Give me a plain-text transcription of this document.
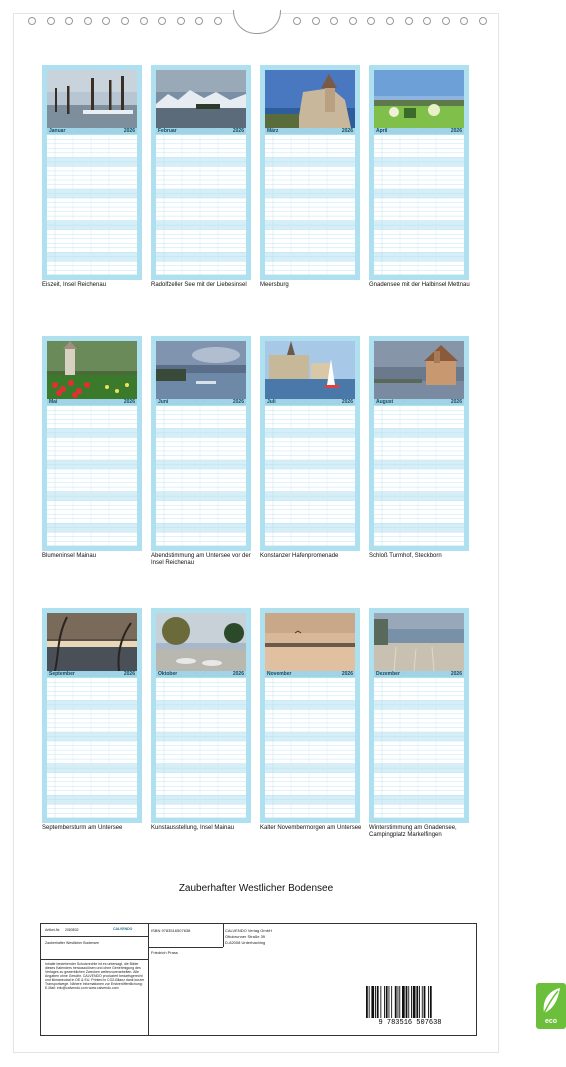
Januar	2026
Eiszeit, Insel Reichenau
Februar	2026
Radolfzeller See mit der Liebesinsel
März	2026
Meersburg
April	2026
Gnadensee mit der Halbinsel Mettnau
Mai	2026
Blumeninsel Mainau
Juni	2026
Abendstimmung am Untersee vor der Insel Reichenau
Juli	2026
Konstanzer Hafenpromenade
August	2026
Schloß Turmhof, Steckborn
September	2026
Septembersturm am Untersee
Oktober	2026
Kunstausstellung, Insel Mainau
November	2026
Kalter Novembermorgen am Untersee
Dezember	2026
Winterstimmung am Gnadensee, Campingplatz Markelfingen
Zauberhafter Westlicher Bodensee
Artikel-Nr. 2083832	CALVENDO
Zauberhafter Westlicher Bodensee
Inhalte bestehender Schutzrechte ist es untersagt, die Bilder dieses Kalenders herauszulösen und ohne Genehmigung des Verlages zu gewerblichen Zwecken weiterzuverarbeiten. Alle Angaben ohne Gewähr. CALVENDO produziert bedarfsgerecht und klimaneutral in DE & EU. Printed in CO2-Bilanz dank kurzer Transportwege. Nähere Informationen zur Erstveröffentlichung: E-Mail: info@calvendo.com www.calvendo.com
ISBN 9783516507638	CALVENDO Verlag GmbH
Ottobrunner Straße 39
D-82008 Unterhaching
Friedrich Prass
9 783516 507638	eco
